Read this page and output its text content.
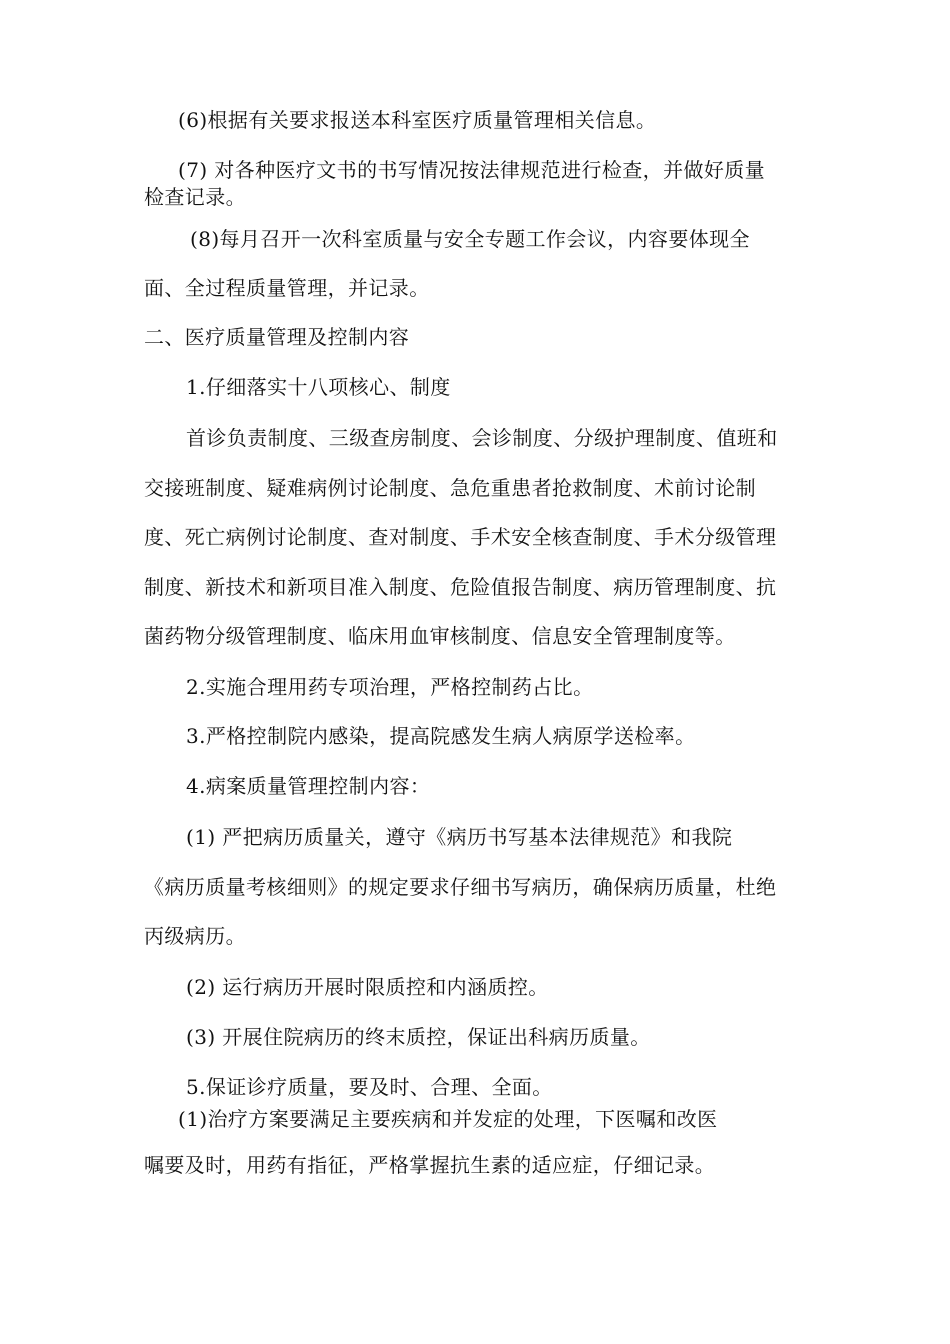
(6)根据有关要求报送本科室医疗质量管理相关信息。
(7) 对各种医疗文书的书写情况按法律规范进行检查，并做好质量
检查记录。
(8)每月召开一次科室质量与安全专题工作会议，内容要体现全
面、全过程质量管理，并记录。
二、医疗质量管理及控制内容
1.仔细落实十八项核心、制度
首诊负责制度、三级查房制度、会诊制度、分级护理制度、值班和
交接班制度、疑难病例讨论制度、急危重患者抢救制度、术前讨论制
度、死亡病例讨论制度、查对制度、手术安全核查制度、手术分级管理
制度、新技术和新项目准入制度、危险值报告制度、病历管理制度、抗
菌药物分级管理制度、临床用血审核制度、信息安全管理制度等。
2.实施合理用药专项治理，严格控制药占比。
3.严格控制院内感染，提高院感发生病人病原学送检率。
4.病案质量管理控制内容：
(1) 严把病历质量关，遵守《病历书写基本法律规范》和我院
《病历质量考核细则》的规定要求仔细书写病历，确保病历质量，杜绝
丙级病历。
(2) 运行病历开展时限质控和内涵质控。
(3) 开展住院病历的终末质控，保证出科病历质量。
5.保证诊疗质量，要及时、合理、全面。
(1)治疗方案要满足主要疾病和并发症的处理，下医嘱和改医
嘱要及时，用药有指征，严格掌握抗生素的适应症，仔细记录。
